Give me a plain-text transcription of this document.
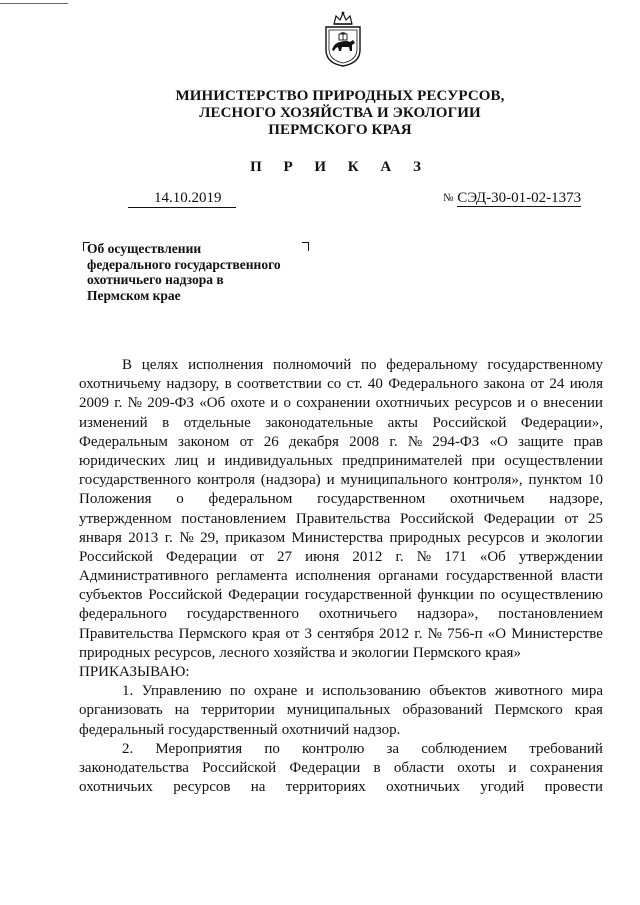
МИНИСТЕРСТВО ПРИРОДНЫХ РЕСУРСОВ,
ЛЕСНОГО ХОЗЯЙСТВА И ЭКОЛОГИИ
ПЕРМСКОГО КРАЯ
П Р И К А З
14.10.2019	№ СЭД-30-01-02-1373
Об осуществлении
федерального государственного
охотничьего надзора в
Пермском крае
В целях исполнения полномочий по федеральному государственному
охотничьему надзору, в соответствии со ст. 40 Федерального закона от 24 июля
2009 г. № 209-ФЗ «Об охоте и о сохранении охотничьих ресурсов и о внесении
изменений в отдельные законодательные акты Российской Федерации»,
Федеральным законом от 26 декабря 2008 г. № 294-ФЗ «О защите прав
юридических лиц и индивидуальных предпринимателей при осуществлении
государственного контроля (надзора) и муниципального контроля», пунктом 10
Положения о федеральном государственном охотничьем надзоре,
утвержденном постановлением Правительства Российской Федерации от 25
января 2013 г. № 29, приказом Министерства природных ресурсов и экологии
Российской Федерации от 27 июня 2012 г. № 171 «Об утверждении
Административного регламента исполнения органами государственной власти
субъектов Российской Федерации государственной функции по осуществлению
федерального государственного охотничьего надзора», постановлением
Правительства Пермского края от 3 сентября 2012 г. № 756-п «О Министерстве
природных ресурсов, лесного хозяйства и экологии Пермского края»
ПРИКАЗЫВАЮ:
1. Управлению по охране и использованию объектов животного мира
организовать на территории муниципальных образований Пермского края
федеральный государственный охотничий надзор.
2. Мероприятия по контролю за соблюдением требований
законодательства Российской Федерации в области охоты и сохранения
охотничьих ресурсов на территориях охотничьих угодий провести
